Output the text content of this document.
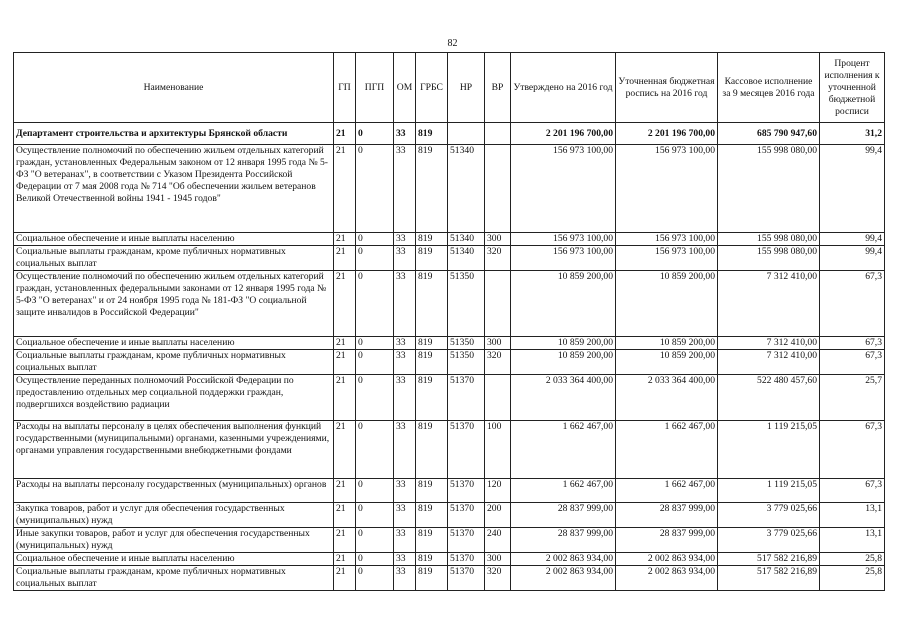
82
Наименование	ГП	ПГП	ОМ	ГРБС	НР	ВР	Утверждено на 2016 год	Уточненная бюджетная роспись на 2016 год	Кассовое исполнение за 9 месяцев 2016 года	Процент исполнения к уточненной бюджетной росписи
Департамент строительства и архитектуры Брянской области	21	0	33	819			2 201 196 700,00	2 201 196 700,00	685 790 947,60	31,2
Осуществление полномочий по обеспечению жильем отдельных категорий граждан, установленных Федеральным законом от 12 января 1995 года № 5-ФЗ "О ветеранах", в соответствии с Указом Президента Российской Федерации от 7 мая 2008 года № 714 "Об обеспечении жильем ветеранов Великой Отечественной войны 1941 - 1945 годов"	21	0	33	819	51340		156 973 100,00	156 973 100,00	155 998 080,00	99,4
Социальное обеспечение и иные выплаты населению	21	0	33	819	51340	300	156 973 100,00	156 973 100,00	155 998 080,00	99,4
Социальные выплаты гражданам, кроме публичных нормативных социальных выплат	21	0	33	819	51340	320	156 973 100,00	156 973 100,00	155 998 080,00	99,4
Осуществление полномочий по обеспечению жильем отдельных категорий граждан, установленных федеральными законами от 12 января 1995 года № 5-ФЗ "О ветеранах" и от 24 ноября 1995 года № 181-ФЗ "О социальной защите инвалидов в Российской Федерации"	21	0	33	819	51350		10 859 200,00	10 859 200,00	7 312 410,00	67,3
Социальное обеспечение и иные выплаты населению	21	0	33	819	51350	300	10 859 200,00	10 859 200,00	7 312 410,00	67,3
Социальные выплаты гражданам, кроме публичных нормативных социальных выплат	21	0	33	819	51350	320	10 859 200,00	10 859 200,00	7 312 410,00	67,3
Осуществление переданных полномочий Российской Федерации по предоставлению отдельных мер социальной поддержки граждан, подвергшихся воздействию радиации	21	0	33	819	51370		2 033 364 400,00	2 033 364 400,00	522 480 457,60	25,7
Расходы на выплаты персоналу в целях обеспечения выполнения функций государственными (муниципальными) органами, казенными учреждениями, органами управления государственными внебюджетными фондами	21	0	33	819	51370	100	1 662 467,00	1 662 467,00	1 119 215,05	67,3
Расходы на выплаты персоналу государственных (муниципальных) органов	21	0	33	819	51370	120	1 662 467,00	1 662 467,00	1 119 215,05	67,3
Закупка товаров, работ и услуг для обеспечения государственных (муниципальных) нужд	21	0	33	819	51370	200	28 837 999,00	28 837 999,00	3 779 025,66	13,1
Иные закупки товаров, работ и услуг для обеспечения государственных (муниципальных) нужд	21	0	33	819	51370	240	28 837 999,00	28 837 999,00	3 779 025,66	13,1
Социальное обеспечение и иные выплаты населению	21	0	33	819	51370	300	2 002 863 934,00	2 002 863 934,00	517 582 216,89	25,8
Социальные выплаты гражданам, кроме публичных нормативных социальных выплат	21	0	33	819	51370	320	2 002 863 934,00	2 002 863 934,00	517 582 216,89	25,8
